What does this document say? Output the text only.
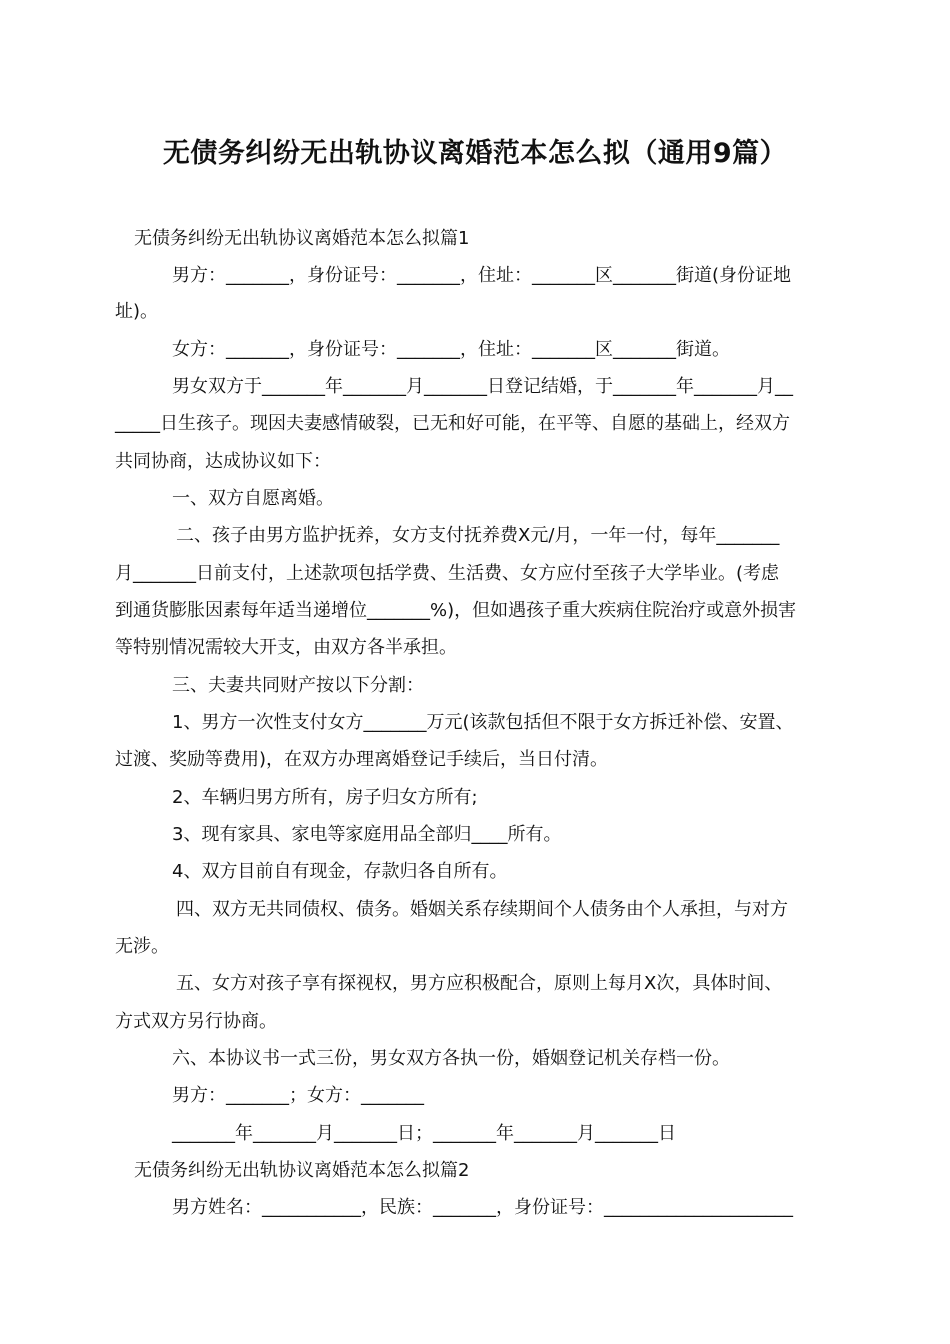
无债务纠纷无出轨协议离婚范本怎么拟（通用9篇）
无债务纠纷无出轨协议离婚范本怎么拟篇1
男方：_______，身份证号：_______，住址：_______区_______街道(身份证地
址)。
女方：_______，身份证号：_______，住址：_______区_______街道。
男女双方于_______年_______月_______日登记结婚，于_______年_______月__
_____日生孩子。现因夫妻感情破裂，已无和好可能，在平等、自愿的基础上，经双方
共同协商，达成协议如下：
一、双方自愿离婚。
二、孩子由男方监护抚养，女方支付抚养费X元/月，一年一付，每年_______
月_______日前支付，上述款项包括学费、生活费、女方应付至孩子大学毕业。(考虑
到通货膨胀因素每年适当递增位_______%)，但如遇孩子重大疾病住院治疗或意外损害
等特别情况需较大开支，由双方各半承担。
三、夫妻共同财产按以下分割：
1、男方一次性支付女方_______万元(该款包括但不限于女方拆迁补偿、安置、
过渡、奖励等费用)，在双方办理离婚登记手续后，当日付清。
2、车辆归男方所有，房子归女方所有;
3、现有家具、家电等家庭用品全部归____所有。
4、双方目前自有现金，存款归各自所有。
四、双方无共同债权、债务。婚姻关系存续期间个人债务由个人承担，与对方
无涉。
五、女方对孩子享有探视权，男方应积极配合，原则上每月X次，具体时间、
方式双方另行协商。
六、本协议书一式三份，男女双方各执一份，婚姻登记机关存档一份。
男方：_______；女方：_______
_______年_______月_______日；_______年_______月_______日
无债务纠纷无出轨协议离婚范本怎么拟篇2
男方姓名：___________，民族：_______，身份证号：_____________________
